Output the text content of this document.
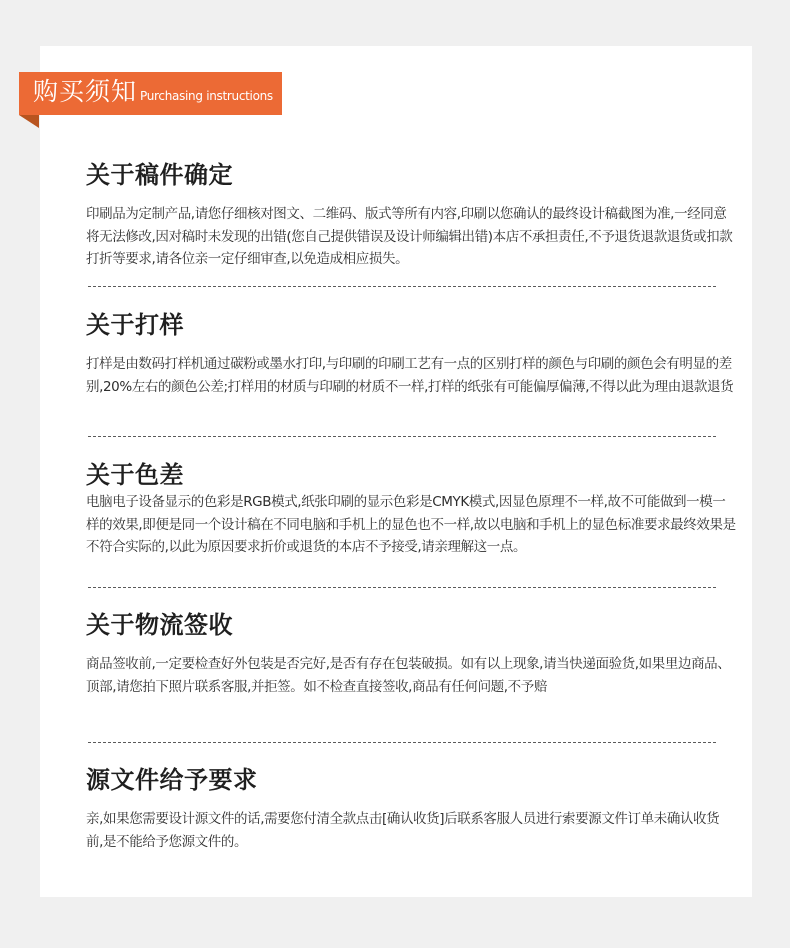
购买须知 Purchasing instructions
关于稿件确定

印刷品为定制产品,请您仔细核对图文、二维码、版式等所有内容,印刷以您确认的最终设计稿截图为准,一经同意将无法修改,因对稿时未发现的出错(您自己提供错误及设计师编辑出错)本店不承担责任,不予退货退款退货或扣款打折等要求,请各位亲一定仔细审查,以免造成相应损失。

关于打样

打样是由数码打样机通过碳粉或墨水打印,与印刷的印刷工艺有一点的区别打样的颜色与印刷的颜色会有明显的差别,20%左右的颜色公差;打样用的材质与印刷的材质不一样,打样的纸张有可能偏厚偏薄,不得以此为理由退款退货

关于色差

电脑电子设备显示的色彩是RGB模式,纸张印刷的显示色彩是CMYK模式,因显色原理不一样,故不可能做到一模一样的效果,即便是同一个设计稿在不同电脑和手机上的显色也不一样,故以电脑和手机上的显色标准要求最终效果是不符合实际的,以此为原因要求折价或退货的本店不予接受,请亲理解这一点。

关于物流签收

商品签收前,一定要检查好外包装是否完好,是否有存在包装破损。如有以上现象,请当快递面验货,如果里边商品、顶部,请您拍下照片联系客服,并拒签。如不检查直接签收,商品有任何问题,不予赔

源文件给予要求

亲,如果您需要设计源文件的话,需要您付清全款点击[确认收货]后联系客服人员进行索要源文件订单未确认收货前,是不能给予您源文件的。
